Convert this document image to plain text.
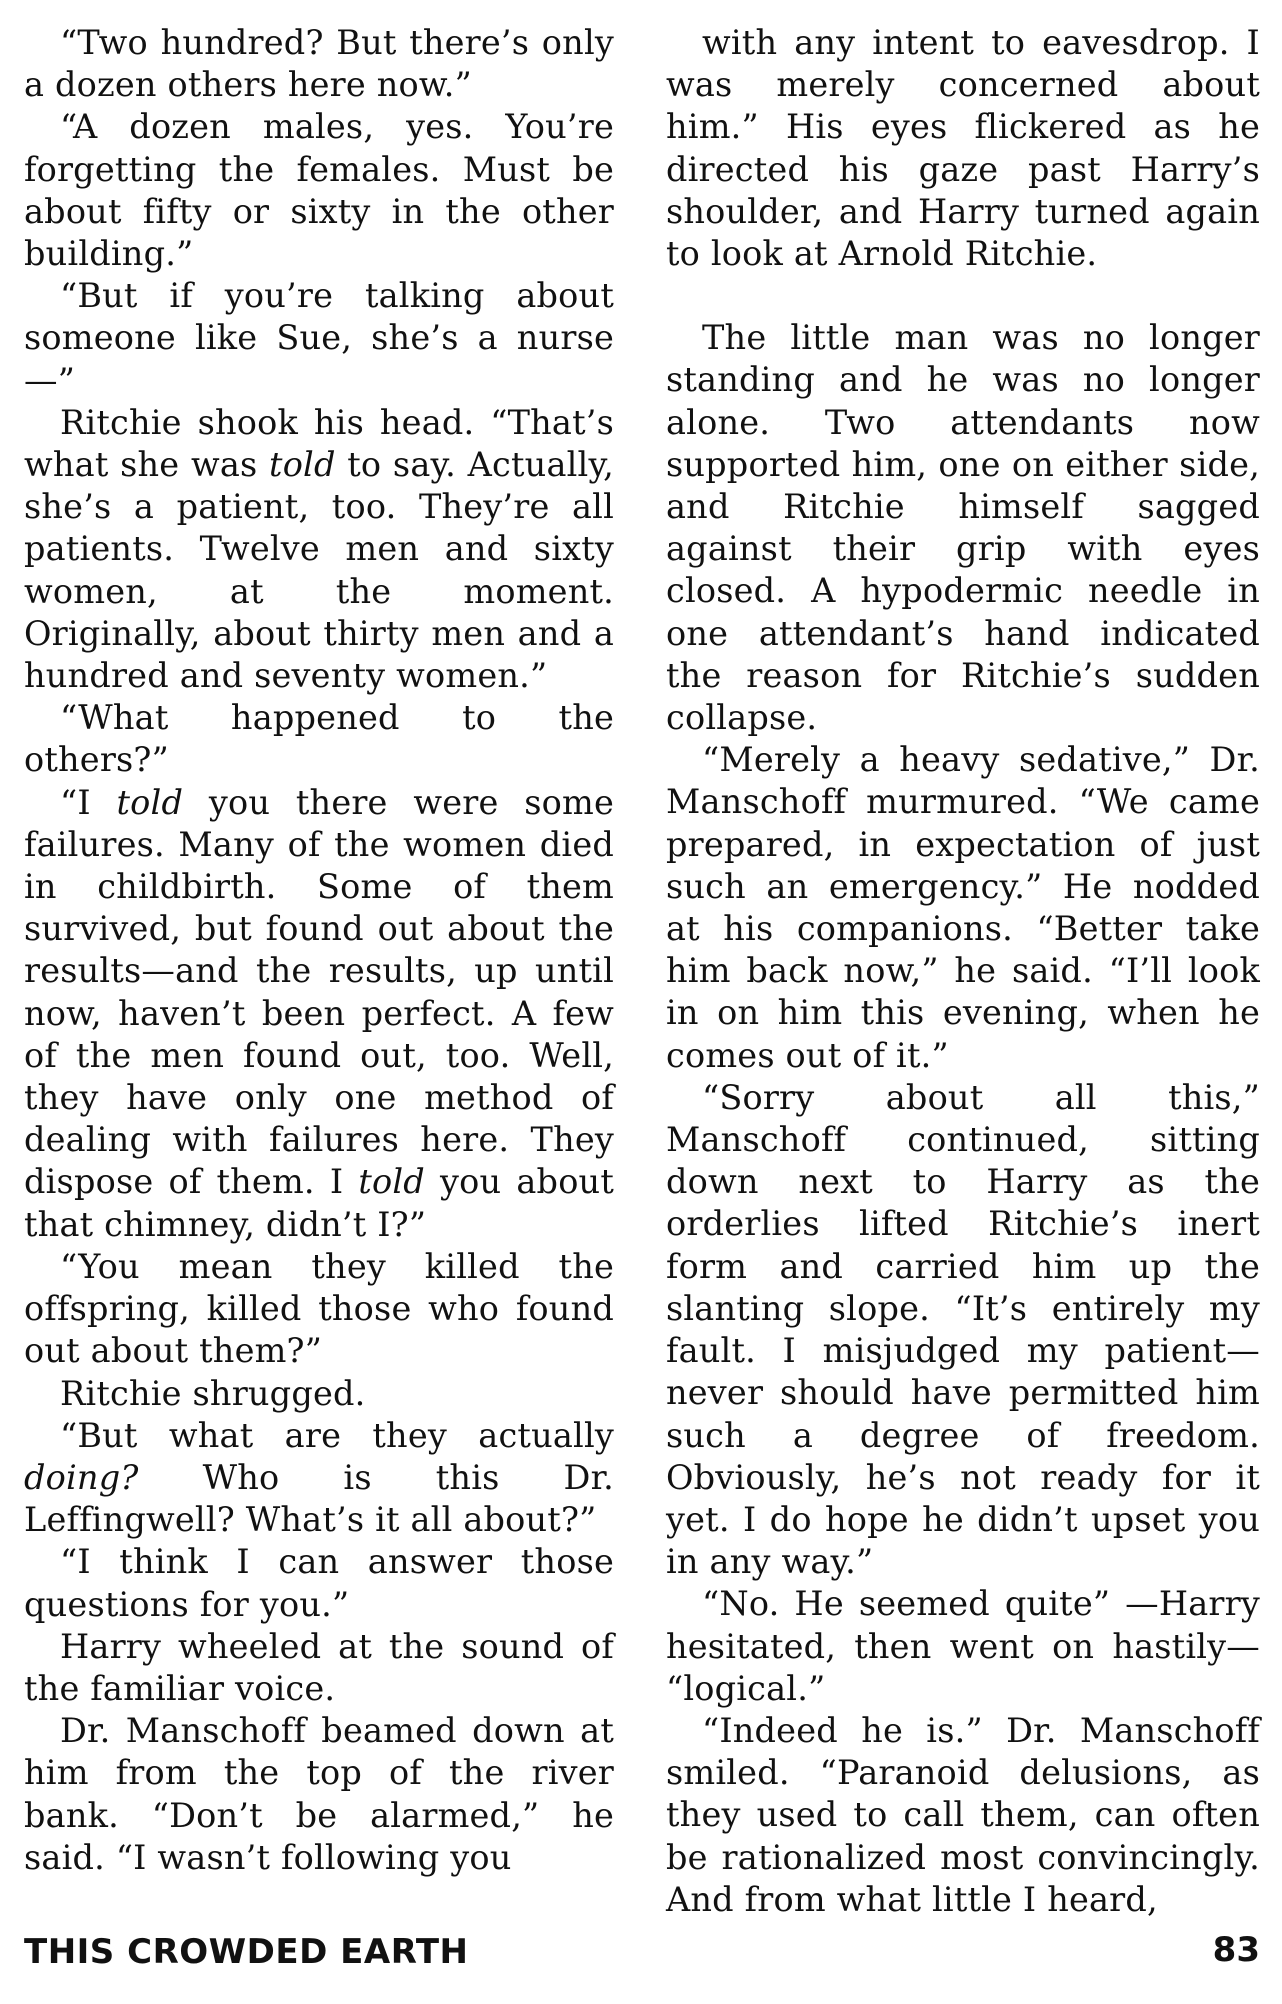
“Two hundred? But there’s only a dozen others here now.”

“A dozen males, yes. You’re forgetting the females. Must be about fifty or sixty in the other building.”

“But if you’re talking about someone like Sue, she’s a nurse—”

Ritchie shook his head. “That’s what she was told to say. Actually, she’s a patient, too. They’re all patients. Twelve men and sixty women, at the moment. Originally, about thirty men and a hundred and seventy women.”

“What happened to the others?”

“I told you there were some failures. Many of the women died in childbirth. Some of them survived, but found out about the results—and the results, up until now, haven’t been perfect. A few of the men found out, too. Well, they have only one method of dealing with failures here. They dispose of them. I told you about that chimney, didn’t I?”

“You mean they killed the offspring, killed those who found out about them?”

Ritchie shrugged.

“But what are they actually doing? Who is this Dr. Leffingwell? What’s it all about?”

“I think I can answer those questions for you.”

Harry wheeled at the sound of the familiar voice.

Dr. Manschoff beamed down at him from the top of the river bank. “Don’t be alarmed,” he said. “I wasn’t following you

with any intent to eavesdrop. I was merely concerned about him.” His eyes flickered as he directed his gaze past Harry’s shoulder, and Harry turned again to look at Arnold Ritchie.

The little man was no longer standing and he was no longer alone. Two attendants now supported him, one on either side, and Ritchie himself sagged against their grip with eyes closed. A hypodermic needle in one attendant’s hand indicated the reason for Ritchie’s sudden collapse.

“Merely a heavy sedative,” Dr. Manschoff murmured. “We came prepared, in expectation of just such an emergency.” He nodded at his companions. “Better take him back now,” he said. “I’ll look in on him this evening, when he comes out of it.”

“Sorry about all this,” Manschoff continued, sitting down next to Harry as the orderlies lifted Ritchie’s inert form and carried him up the slanting slope. “It’s entirely my fault. I misjudged my patient—never should have permitted him such a degree of freedom. Obviously, he’s not ready for it yet. I do hope he didn’t upset you in any way.”

“No. He seemed quite” —Harry hesitated, then went on hastily— “logical.”

“Indeed he is.” Dr. Manschoff smiled. “Paranoid delusions, as they used to call them, can often be rationalized most convincingly. And from what little I heard,

THIS CROWDED EARTH	83
